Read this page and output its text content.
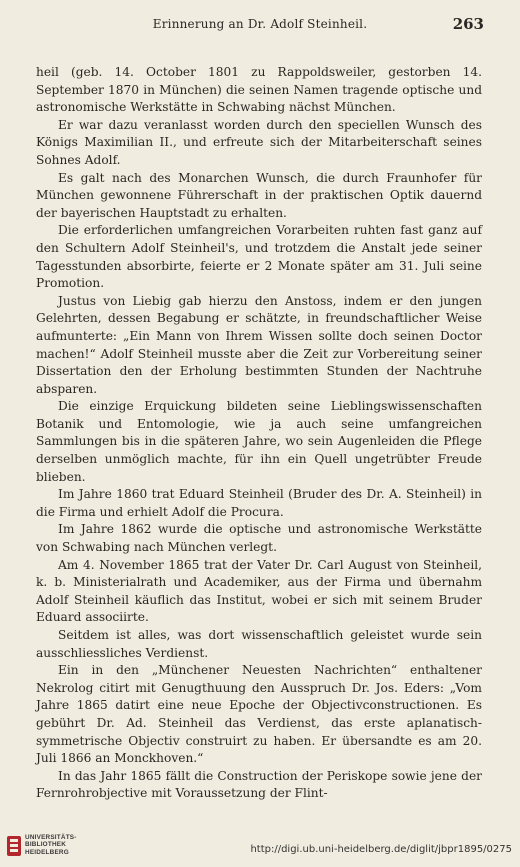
Erinnerung an Dr. Adolf Steinheil.	263

heil (geb. 14. October 1801 zu Rappoldsweiler, gestorben 14. September 1870 in München) die seinen Namen tragende optische und astronomische Werkstätte in Schwabing nächst München.

Er war dazu veranlasst worden durch den speciellen Wunsch des Königs Maximilian II., und erfreute sich der Mitarbeiterschaft seines Sohnes Adolf.

Es galt nach des Monarchen Wunsch, die durch Fraunhofer für München gewonnene Führerschaft in der praktischen Optik dauernd der bayerischen Hauptstadt zu erhalten.

Die erforderlichen umfangreichen Vorarbeiten ruhten fast ganz auf den Schultern Adolf Steinheil's, und trotzdem die Anstalt jede seiner Tagesstunden absorbirte, feierte er 2 Monate später am 31. Juli seine Promotion.

Justus von Liebig gab hierzu den Anstoss, indem er den jungen Gelehrten, dessen Begabung er schätzte, in freundschaftlicher Weise aufmunterte: „Ein Mann von Ihrem Wissen sollte doch seinen Doctor machen!“ Adolf Steinheil musste aber die Zeit zur Vorbereitung seiner Dissertation den der Erholung bestimmten Stunden der Nachtruhe absparen.

Die einzige Erquickung bildeten seine Lieblingswissenschaften Botanik und Entomologie, wie ja auch seine umfangreichen Sammlungen bis in die späteren Jahre, wo sein Augenleiden die Pflege derselben unmöglich machte, für ihn ein Quell ungetrübter Freude blieben.

Im Jahre 1860 trat Eduard Steinheil (Bruder des Dr. A. Steinheil) in die Firma und erhielt Adolf die Procura.

Im Jahre 1862 wurde die optische und astronomische Werkstätte von Schwabing nach München verlegt.

Am 4. November 1865 trat der Vater Dr. Carl August von Steinheil, k. b. Ministerialrath und Academiker, aus der Firma und übernahm Adolf Steinheil käuflich das Institut, wobei er sich mit seinem Bruder Eduard associirte.

Seitdem ist alles, was dort wissenschaftlich geleistet wurde sein ausschliessliches Verdienst.

Ein in den „Münchener Neuesten Nachrichten“ enthaltener Nekrolog citirt mit Genugthuung den Ausspruch Dr. Jos. Eders: „Vom Jahre 1865 datirt eine neue Epoche der Objectivconstructionen. Es gebührt Dr. Ad. Steinheil das Verdienst, das erste aplanatisch-symmetrische Objectiv construirt zu haben. Er übersandte es am 20. Juli 1866 an Monckhoven.“

In das Jahr 1865 fällt die Construction der Periskope sowie jene der Fernrohrobjective mit Voraussetzung der Flint-

UNIVERSITÄTS-
BIBLIOTHEK
HEIDELBERG	http://digi.ub.uni-heidelberg.de/diglit/jbpr1895/0275
